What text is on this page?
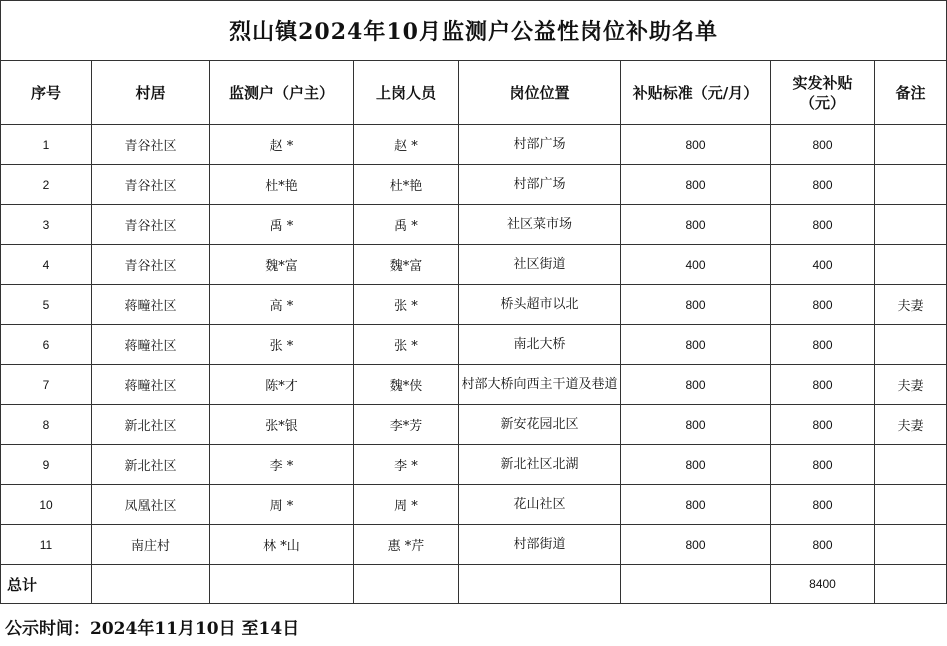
烈山镇2024年10月监测户公益性岗位补助名单							
序号	村居	监测户（户主）	上岗人员	岗位位置	补贴标准（元/月）	实发补贴（元）	备注
1	青谷社区	赵 *	赵 *	村部广场	800	800	
2	青谷社区	杜*艳	杜*艳	村部广场	800	800	
3	青谷社区	禹 *	禹 *	社区菜市场	800	800	
4	青谷社区	魏*富	魏*富	社区街道	400	400	
5	蒋疃社区	高 *	张 *	桥头超市以北	800	800	夫妻
6	蒋疃社区	张 *	张 *	南北大桥	800	800	
7	蒋疃社区	陈*才	魏*侠	村部大桥向西主干道及巷道	800	800	夫妻
8	新北社区	张*银	李*芳	新安花园北区	800	800	夫妻
9	新北社区	李 *	李 *	新北社区北湖	800	800	
10	凤凰社区	周 *	周 *	花山社区	800	800	
11	南庄村	林 *山	惠 *芹	村部街道	800	800	
总计						8400	
公示时间：2024年11月10日 至14日
